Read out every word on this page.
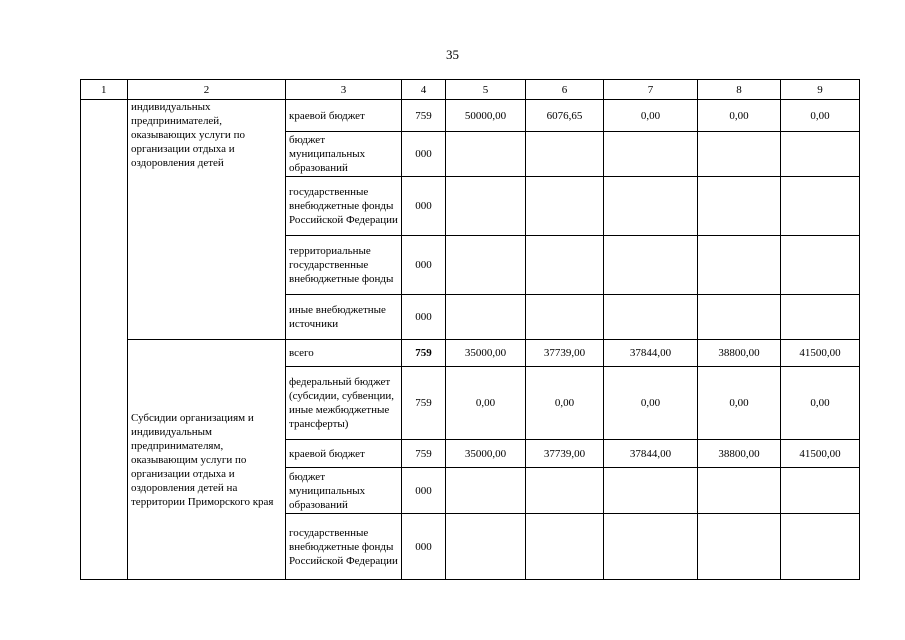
35
1	2	3	4	5	6	7	8	9
	индивидуальных предпринимателей, оказывающих услуги по организации отдыха и оздоровления детей	краевой бюджет	759	50000,00	6076,65	0,00	0,00	0,00
		бюджет муниципальных образований	000					
		государственные внебюджетные фонды Российской Федерации	000					
		территориальные государственные внебюджетные фонды	000					
		иные внебюджетные источники	000					
	Субсидии организациям и индивидуальным предпринимателям, оказывающим услуги по организации отдыха и оздоровления детей на территории Приморского края	всего	759	35000,00	37739,00	37844,00	38800,00	41500,00
		федеральный бюджет (субсидии, субвенции, иные межбюджетные трансферты)	759	0,00	0,00	0,00	0,00	0,00
		краевой бюджет	759	35000,00	37739,00	37844,00	38800,00	41500,00
		бюджет муниципальных образований	000					
		государственные внебюджетные фонды Российской Федерации	000					
